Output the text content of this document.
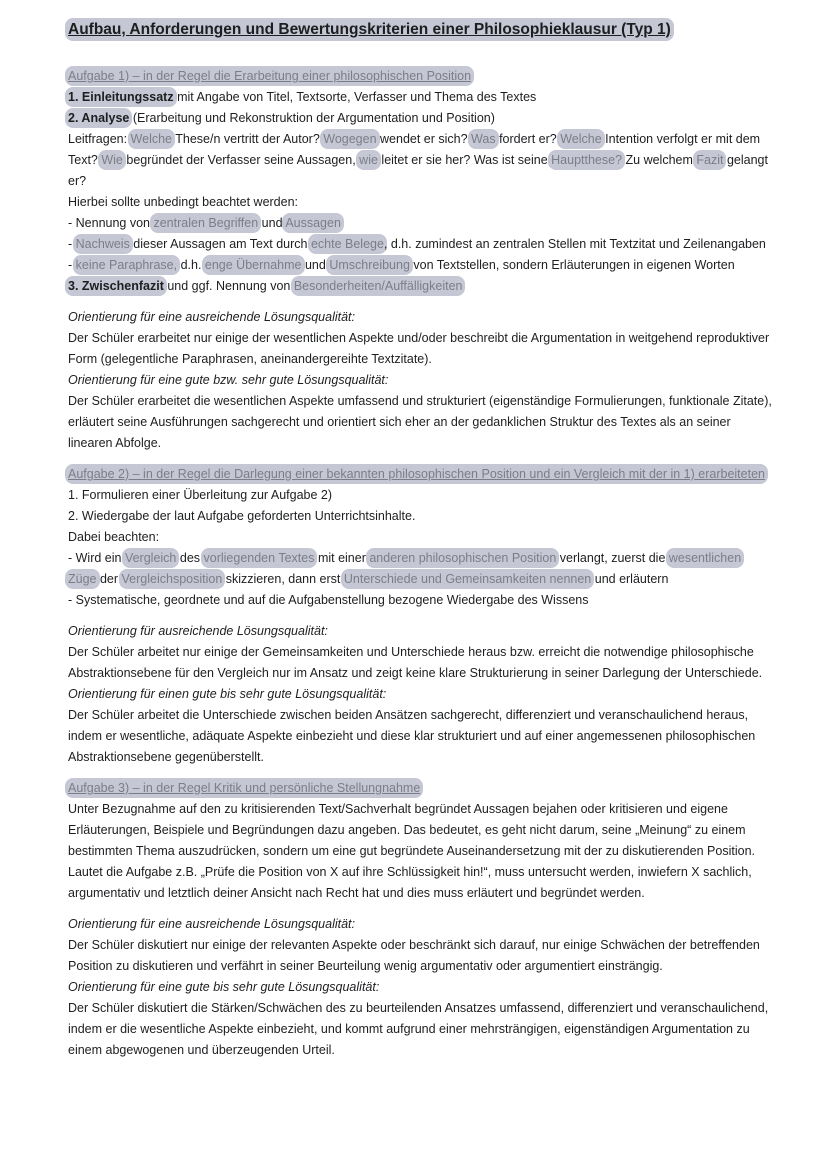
Aufbau, Anforderungen und Bewertungskriterien einer Philosophieklausur (Typ 1)

Aufgabe 1) – in der Regel die Erarbeitung einer philosophischen Position

1. Einleitungssatz mit Angabe von Titel, Textsorte, Verfasser und Thema des Textes

2. Analyse (Erarbeitung und Rekonstruktion der Argumentation und Position)

Leitfragen: Welche These/n vertritt der Autor? Wogegen wendet er sich? Was fordert er? Welche Intention verfolgt er mit dem Text? Wie begründet der Verfasser seine Aussagen, wie leitet er sie her? Was ist seine Hauptthese? Zu welchem Fazit gelangt er?

Hierbei sollte unbedingt beachtet werden:

- Nennung von zentralen Begriffen und Aussagen

- Nachweis dieser Aussagen am Text durch echte Belege, d.h. zumindest an zentralen Stellen mit Textzitat und Zeilenangaben

- keine Paraphrase, d.h. enge Übernahme und Umschreibung von Textstellen, sondern Erläuterungen in eigenen Worten

3. Zwischenfazit und ggf. Nennung von Besonderheiten/Auffälligkeiten

Orientierung für eine ausreichende Lösungsqualität:

Der Schüler erarbeitet nur einige der wesentlichen Aspekte und/oder beschreibt die Argumentation in weitgehend reproduktiver Form (gelegentliche Paraphrasen, aneinandergereihte Textzitate).

Orientierung für eine gute bzw. sehr gute Lösungsqualität:

Der Schüler erarbeitet die wesentlichen Aspekte umfassend und strukturiert (eigenständige Formulierungen, funktionale Zitate), erläutert seine Ausführungen sachgerecht und orientiert sich eher an der gedanklichen Struktur des Textes als an seiner linearen Abfolge.

Aufgabe 2) – in der Regel die Darlegung einer bekannten philosophischen Position und ein Vergleich mit der in 1) erarbeiteten

1. Formulieren einer Überleitung zur Aufgabe 2)

2. Wiedergabe der laut Aufgabe geforderten Unterrichtsinhalte.

Dabei beachten:

- Wird ein Vergleich des vorliegenden Textes mit einer anderen philosophischen Position verlangt, zuerst die wesentlichen Züge der Vergleichsposition skizzieren, dann erst Unterschiede und Gemeinsamkeiten nennen und erläutern

- Systematische, geordnete und auf die Aufgabenstellung bezogene Wiedergabe des Wissens

Orientierung für ausreichende Lösungsqualität:

Der Schüler arbeitet nur einige der Gemeinsamkeiten und Unterschiede heraus bzw. erreicht die notwendige philosophische Abstraktionsebene für den Vergleich nur im Ansatz und zeigt keine klare Strukturierung in seiner Darlegung der Unterschiede.

Orientierung für einen gute bis sehr gute Lösungsqualität:

Der Schüler arbeitet die Unterschiede zwischen beiden Ansätzen sachgerecht, differenziert und veranschaulichend heraus, indem er wesentliche, adäquate Aspekte einbezieht und diese klar strukturiert und auf einer angemessenen philosophischen Abstraktionsebene gegenüberstellt.

Aufgabe 3) – in der Regel Kritik und persönliche Stellungnahme

Unter Bezugnahme auf den zu kritisierenden Text/Sachverhalt begründet Aussagen bejahen oder kritisieren und eigene Erläuterungen, Beispiele und Begründungen dazu angeben. Das bedeutet, es geht nicht darum, seine „Meinung“ zu einem bestimmten Thema auszudrücken, sondern um eine gut begründete Auseinandersetzung mit der zu diskutierenden Position.

Lautet die Aufgabe z.B. „Prüfe die Position von X auf ihre Schlüssigkeit hin!“, muss untersucht werden, inwiefern X sachlich, argumentativ und letztlich deiner Ansicht nach Recht hat und dies muss erläutert und begründet werden.

Orientierung für eine ausreichende Lösungsqualität:

Der Schüler diskutiert nur einige der relevanten Aspekte oder beschränkt sich darauf, nur einige Schwächen der betreffenden Position zu diskutieren und verfährt in seiner Beurteilung wenig argumentativ oder argumentiert einsträngig.

Orientierung für eine gute bis sehr gute Lösungsqualität:

Der Schüler diskutiert die Stärken/Schwächen des zu beurteilenden Ansatzes umfassend, differenziert und veranschaulichend, indem er die wesentliche Aspekte einbezieht, und kommt aufgrund einer mehrsträngigen, eigenständigen Argumentation zu einem abgewogenen und überzeugenden Urteil.
